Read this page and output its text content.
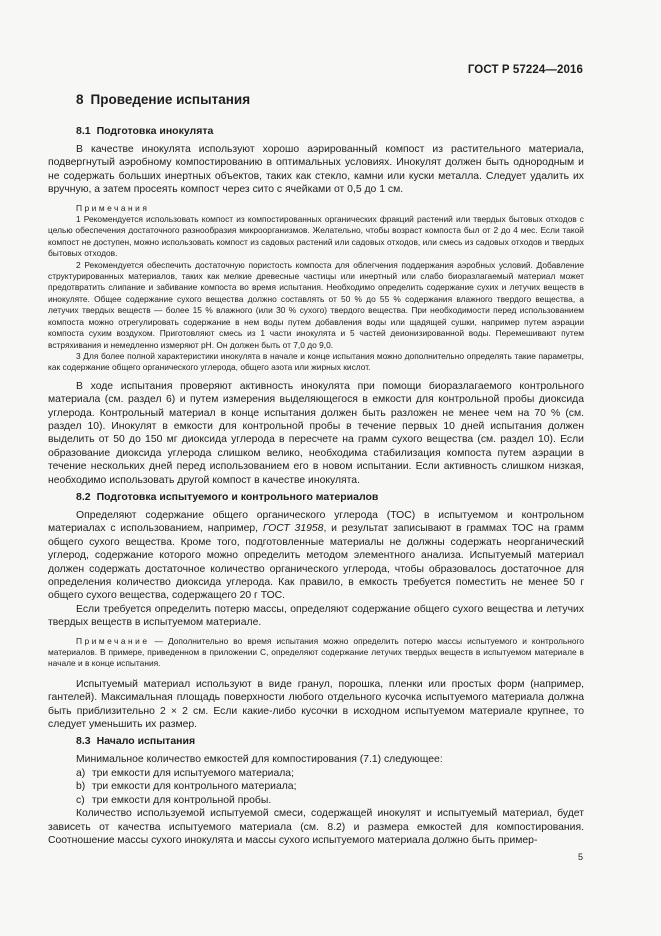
ГОСТ Р 57224—2016
8 Проведение испытания
8.1 Подготовка инокулята

В качестве инокулята используют хорошо аэрированный компост из растительного материала, подвергнутый аэробному компостированию в оптимальных условиях. Инокулят должен быть однородным и не содержать больших инертных объектов, таких как стекло, камни или куски металла. Следует удалить их вручную, а затем просеять компост через сито с ячейками от 0,5 до 1 см.

Примечания

1 Рекомендуется использовать компост из компостированных органических фракций растений или твердых бытовых отходов с целью обеспечения достаточного разнообразия микроорганизмов. Желательно, чтобы возраст компоста был от 2 до 4 мес. Если такой компост не доступен, можно использовать компост из садовых растений или садовых отходов, или смесь из садовых отходов и твердых бытовых отходов.

2 Рекомендуется обеспечить достаточную пористость компоста для облегчения поддержания аэробных условий. Добавление структурированных материалов, таких как мелкие древесные частицы или инертный или слабо биоразлагаемый материал может предотвратить слипание и забивание компоста во время испытания. Необходимо определить содержание сухих и летучих веществ в инокуляте. Общее содержание сухого вещества должно составлять от 50 % до 55 % содержания влажного твердого вещества, а летучих твердых веществ — более 15 % влажного (или 30 % сухого) твердого вещества. При необходимости перед использованием компоста можно отрегулировать содержание в нем воды путем добавления воды или щадящей сушки, например путем аэрации компоста сухим воздухом. Приготовляют смесь из 1 части инокулята и 5 частей деионизированной воды. Перемешивают путем встряхивания и немедленно измеряют pH. Он должен быть от 7,0 до 9,0.

3 Для более полной характеристики инокулята в начале и конце испытания можно дополнительно определять такие параметры, как содержание общего органического углерода, общего азота или жирных кислот.

В ходе испытания проверяют активность инокулята при помощи биоразлагаемого контрольного материала (см. раздел 6) и путем измерения выделяющегося в емкости для контрольной пробы диоксида углерода. Контрольный материал в конце испытания должен быть разложен не менее чем на 70 % (см. раздел 10). Инокулят в емкости для контрольной пробы в течение первых 10 дней испытания должен выделить от 50 до 150 мг диоксида углерода в пересчете на грамм сухого вещества (см. раздел 10). Если образование диоксида углерода слишком велико, необходима стабилизация компоста путем аэрации в течение нескольких дней перед использованием его в новом испытании. Если активность слишком низкая, необходимо использовать другой компост в качестве инокулята.

8.2 Подготовка испытуемого и контрольного материалов

Определяют содержание общего органического углерода (ТОС) в испытуемом и контрольном материалах с использованием, например, ГОСТ 31958, и результат записывают в граммах ТОС на грамм общего сухого вещества. Кроме того, подготовленные материалы не должны содержать неорганический углерод, содержание которого можно определить методом элементного анализа. Испытуемый материал должен содержать достаточное количество органического углерода, чтобы образовалось достаточное для определения количество диоксида углерода. Как правило, в емкость требуется поместить не менее 50 г общего сухого вещества, содержащего 20 г ТОС.

Если требуется определить потерю массы, определяют содержание общего сухого вещества и летучих твердых веществ в испытуемом материале.

Примечание — Дополнительно во время испытания можно определить потерю массы испытуемого и контрольного материалов. В примере, приведенном в приложении С, определяют содержание летучих твердых веществ в испытуемом материале в начале и в конце испытания.

Испытуемый материал используют в виде гранул, порошка, пленки или простых форм (например, гантелей). Максимальная площадь поверхности любого отдельного кусочка испытуемого материала должна быть приблизительно 2 × 2 см. Если какие-либо кусочки в исходном испытуемом материале крупнее, то следует уменьшить их размер.

8.3 Начало испытания

Минимальное количество емкостей для компостирования (7.1) следующее:

a) три емкости для испытуемого материала;

b) три емкости для контрольного материала;

c) три емкости для контрольной пробы.

Количество используемой испытуемой смеси, содержащей инокулят и испытуемый материал, будет зависеть от качества испытуемого материала (см. 8.2) и размера емкостей для компостирования. Соотношение массы сухого инокулята и массы сухого испытуемого материала должно быть пример-

5
